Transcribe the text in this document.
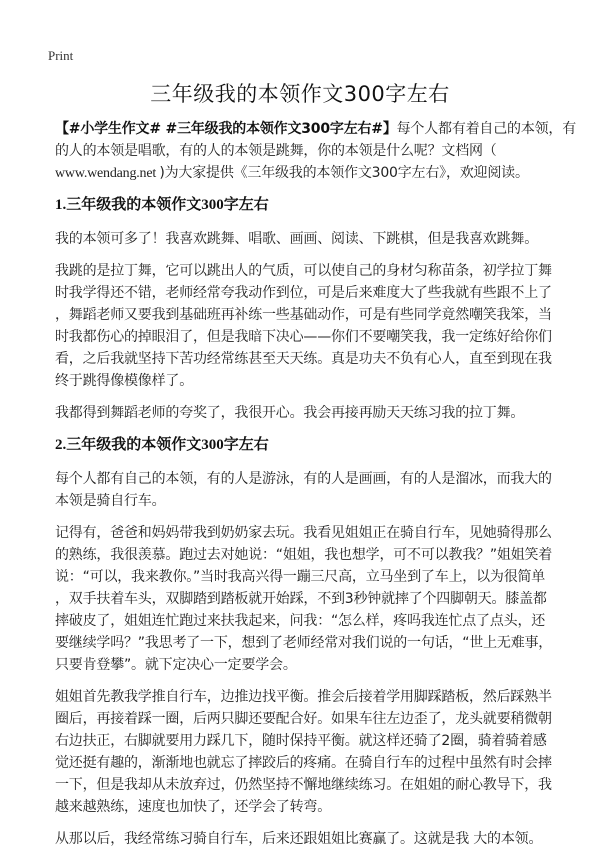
Print
三年级我的本领作文300字左右
【#小学生作文# #三年级我的本领作文300字左右#】每个人都有着自己的本领，有
的人的本领是唱歌，有的人的本领是跳舞，你的本领是什么呢？文档网（
www.wendang.net )为大家提供《三年级我的本领作文300字左右》，欢迎阅读。
1.三年级我的本领作文300字左右
我的本领可多了！我喜欢跳舞、唱歌、画画、阅读、下跳棋，但是我喜欢跳舞。
我跳的是拉丁舞，它可以跳出人的气质，可以使自己的身材匀称苗条，初学拉丁舞
时我学得还不错，老师经常夸我动作到位，可是后来难度大了些我就有些跟不上了
，舞蹈老师又要我到基础班再补练一些基础动作，可是有些同学竟然嘲笑我笨，当
时我都伤心的掉眼泪了，但是我暗下决心——你们不要嘲笑我，我一定练好给你们
看，之后我就坚持下苦功经常练甚至天天练。真是功夫不负有心人，直至到现在我
终于跳得像模像样了。
我都得到舞蹈老师的夸奖了，我很开心。我会再接再励天天练习我的拉丁舞。
2.三年级我的本领作文300字左右
每个人都有自己的本领，有的人是游泳，有的人是画画，有的人是溜冰，而我大的
本领是骑自行车。
记得有，爸爸和妈妈带我到奶奶家去玩。我看见姐姐正在骑自行车，见她骑得那么
的熟练，我很羡慕。跑过去对她说：“姐姐，我也想学，可不可以教我？”姐姐笑着
说：“可以，我来教你。”当时我高兴得一蹦三尺高，立马坐到了车上，以为很简单
，双手扶着车头，双脚踏到踏板就开始踩，不到3秒钟就摔了个四脚朝天。膝盖都
摔破皮了，姐姐连忙跑过来扶我起来，问我：“怎么样，疼吗我连忙点了点头，还
要继续学吗？”我思考了一下，想到了老师经常对我们说的一句话，“世上无难事，
只要肯登攀”。就下定决心一定要学会。
姐姐首先教我学推自行车，边推边找平衡。推会后接着学用脚踩踏板，然后踩熟半
圈后，再接着踩一圈，后两只脚还要配合好。如果车往左边歪了，龙头就要稍微朝
右边扶正，右脚就要用力踩几下，随时保持平衡。就这样还骑了2圈，骑着骑着感
觉还挺有趣的，渐渐地也就忘了摔跤后的疼痛。在骑自行车的过程中虽然有时会摔
一下，但是我却从未放弃过，仍然坚持不懈地继续练习。在姐姐的耐心教导下，我
越来越熟练，速度也加快了，还学会了转弯。
从那以后，我经常练习骑自行车，后来还跟姐姐比赛赢了。这就是我 大的本领。
